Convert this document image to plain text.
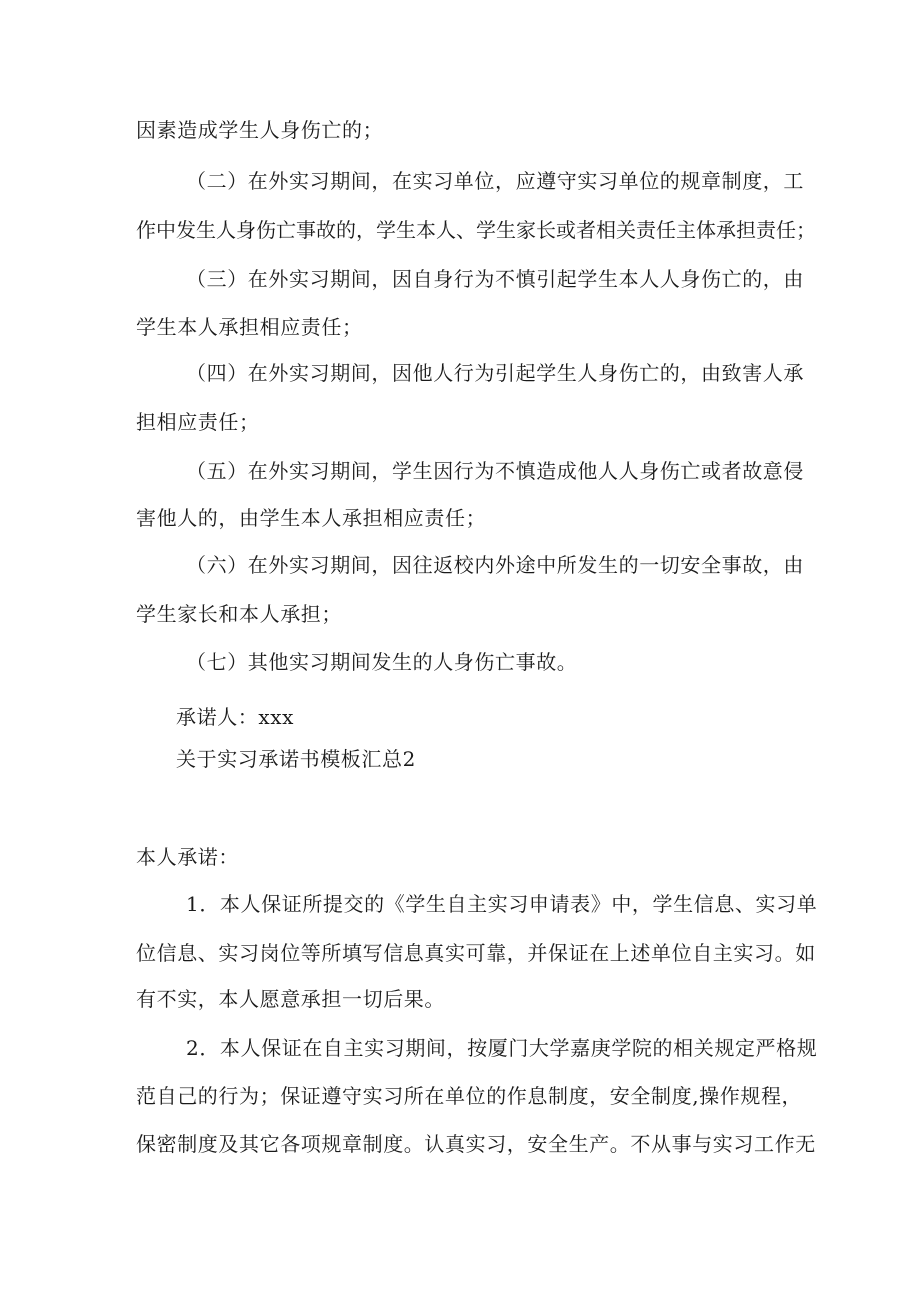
因素造成学生人身伤亡的；

（二）在外实习期间，在实习单位，应遵守实习单位的规章制度，工

作中发生人身伤亡事故的，学生本人、学生家长或者相关责任主体承担责任；

（三）在外实习期间，因自身行为不慎引起学生本人人身伤亡的，由

学生本人承担相应责任；

（四）在外实习期间，因他人行为引起学生人身伤亡的，由致害人承

担相应责任；

（五）在外实习期间，学生因行为不慎造成他人人身伤亡或者故意侵

害他人的，由学生本人承担相应责任；

（六）在外实习期间，因往返校内外途中所发生的一切安全事故，由

学生家长和本人承担；

（七）其他实习期间发生的人身伤亡事故。

承诺人：xxx

关于实习承诺书模板汇总2

本人承诺：

1．本人保证所提交的《学生自主实习申请表》中，学生信息、实习单

位信息、实习岗位等所填写信息真实可靠，并保证在上述单位自主实习。如

有不实，本人愿意承担一切后果。

2．本人保证在自主实习期间，按厦门大学嘉庚学院的相关规定严格规

范自己的行为；保证遵守实习所在单位的作息制度，安全制度,操作规程，

保密制度及其它各项规章制度。认真实习，安全生产。不从事与实习工作无
